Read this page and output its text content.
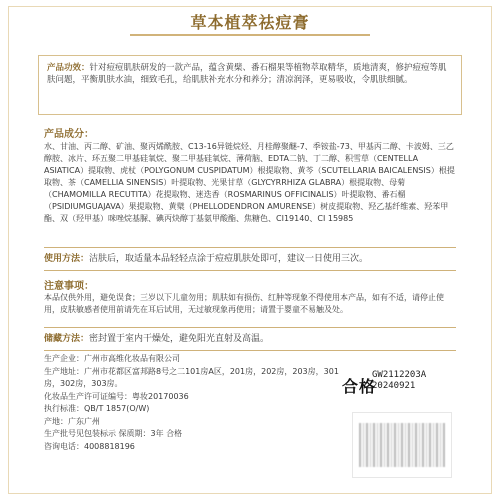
草本植萃祛痘膏
产品功效：针对痘痘肌肤研发的一款产品，蕴含黄檗、番石榴果等植物萃取精华，质地清爽，修护痘痘等肌肤问题，平衡肌肤水油，细致毛孔，给肌肤补充水分和养分；清凉润泽，更易吸收，令肌肤细腻。
产品成分：
水、甘油、丙二醇、矿油、聚丙烯酰胺、C13-16异链烷烃、月桂醇聚醚-7、季铵盐-73、甲基丙二醇、卡波姆、三乙醇胺、冰片、环五聚二甲基硅氧烷、聚二甲基硅氧烷、薄荷脑、EDTA二钠、丁二醇、积雪草（CENTELLA ASIATICA）提取物、虎杖（POLYGONUM CUSPIDATUM）根提取物、黄芩（SCUTELLARIA BAICALENSIS）根提取物、茶（CAMELLIA SINENSIS）叶提取物、光果甘草（GLYCYRRHIZA GLABRA）根提取物、母菊（CHAMOMILLA RECUTITA）花提取物、迷迭香（ROSMARINUS OFFICINALIS）叶提取物、番石榴（PSIDIUMGUAJAVA）果提取物、黄檗（PHELLODENDRON AMURENSE）树皮提取物、羟乙基纤维素、羟苯甲酯、双（羟甲基）咪唑烷基脲、碘丙炔醇丁基氨甲酸酯、焦糖色、CI19140、CI 15985
使用方法：洁肤后，取适量本品轻轻点涂于痘痘肌肤处即可，建议一日使用三次。
注意事项：
本品仅供外用，避免误食；三岁以下儿童勿用；肌肤如有损伤、红肿等现象不得使用本产品，如有不适，请停止使用，皮肤敏感者使用前请先在耳后试用，无过敏现象再使用；请置于婴童不易触及处。
储藏方法：密封置于室内干燥处，避免阳光直射及高温。
生产企业：广州市高维化妆品有限公司
生产地址：广州市花都区富邦路8号之二101房A区，201房，202房，203房，301房，302房，303房。
化妆品生产许可证编号：粤妆20170036
执行标准：QB/T 1857(O/W)
产地：广东广州
生产批号见包装标示 保质期：3年 合格
咨询电话：4008818196
合格
GW2112203A
20240921
